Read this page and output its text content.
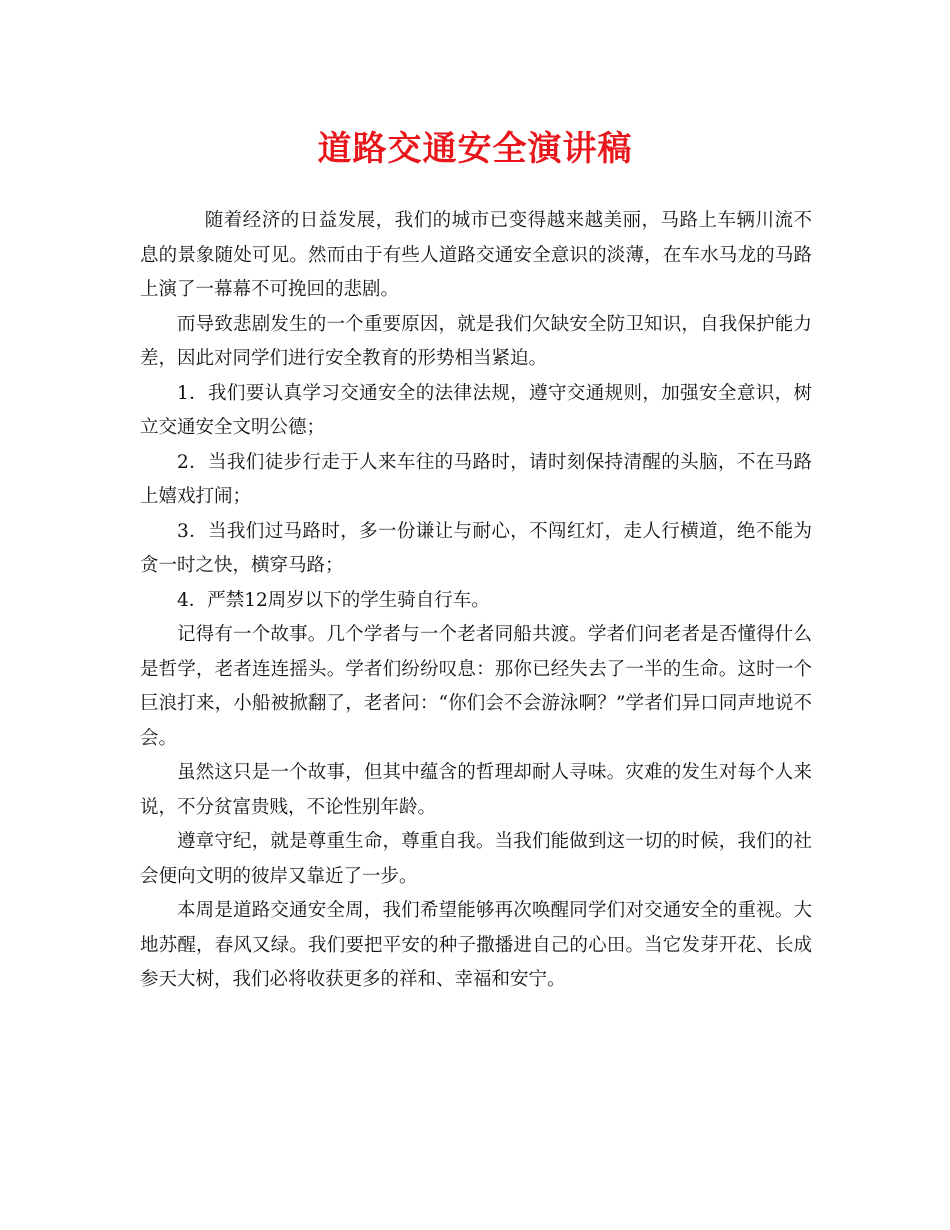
道路交通安全演讲稿

随着经济的日益发展，我们的城市已变得越来越美丽，马路上车辆川流不息的景象随处可见。然而由于有些人道路交通安全意识的淡薄，在车水马龙的马路上演了一幕幕不可挽回的悲剧。

而导致悲剧发生的一个重要原因，就是我们欠缺安全防卫知识，自我保护能力差，因此对同学们进行安全教育的形势相当紧迫。

1．我们要认真学习交通安全的法律法规，遵守交通规则，加强安全意识，树立交通安全文明公德；

2．当我们徒步行走于人来车往的马路时，请时刻保持清醒的头脑，不在马路上嬉戏打闹；

3．当我们过马路时，多一份谦让与耐心，不闯红灯，走人行横道，绝不能为贪一时之快，横穿马路；

4．严禁12周岁以下的学生骑自行车。

记得有一个故事。几个学者与一个老者同船共渡。学者们问老者是否懂得什么是哲学，老者连连摇头。学者们纷纷叹息：那你已经失去了一半的生命。这时一个巨浪打来，小船被掀翻了，老者问：“你们会不会游泳啊？”学者们异口同声地说不会。

虽然这只是一个故事，但其中蕴含的哲理却耐人寻味。灾难的发生对每个人来说，不分贫富贵贱，不论性别年龄。

遵章守纪，就是尊重生命，尊重自我。当我们能做到这一切的时候，我们的社会便向文明的彼岸又靠近了一步。

本周是道路交通安全周，我们希望能够再次唤醒同学们对交通安全的重视。大地苏醒，春风又绿。我们要把平安的种子撒播进自己的心田。当它发芽开花、长成参天大树，我们必将收获更多的祥和、幸福和安宁。
